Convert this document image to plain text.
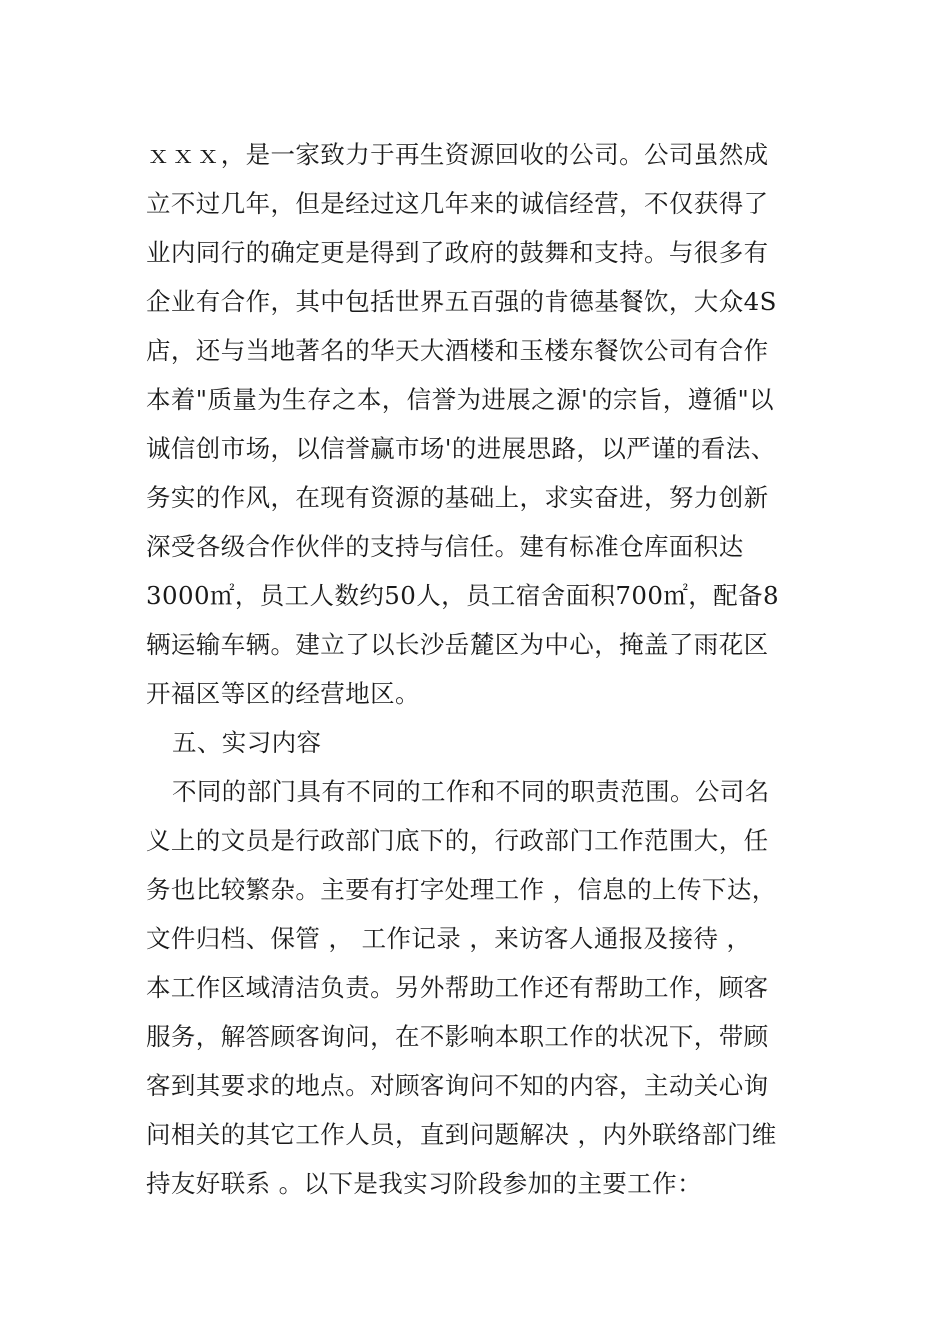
ｘｘｘ，是一家致力于再生资源回收的公司。公司虽然成
立不过几年，但是经过这几年来的诚信经营，不仅获得了
业内同行的确定更是得到了政府的鼓舞和支持。与很多有
企业有合作，其中包括世界五百强的肯德基餐饮，大众4S
店，还与当地著名的华天大酒楼和玉楼东餐饮公司有合作
本着"质量为生存之本，信誉为进展之源'的宗旨，遵循"以
诚信创市场，以信誉赢市场'的进展思路，以严谨的看法、
务实的作风，在现有资源的基础上，求实奋进，努力创新
深受各级合作伙伴的支持与信任。建有标准仓库面积达
3000㎡，员工人数约50人，员工宿舍面积700㎡，配备8
辆运输车辆。建立了以长沙岳麓区为中心，掩盖了雨花区
开福区等区的经营地区。
五、实习内容
不同的部门具有不同的工作和不同的职责范围。公司名
义上的文员是行政部门底下的，行政部门工作范围大，任
务也比较繁杂。主要有打字处理工作 ，信息的上传下达，
文件归档、保管 ， 工作记录 ，来访客人通报及接待 ，
本工作区域清洁负责。另外帮助工作还有帮助工作，顾客
服务，解答顾客询问，在不影响本职工作的状况下，带顾
客到其要求的地点。对顾客询问不知的内容，主动关心询
问相关的其它工作人员，直到问题解决 ，内外联络部门维
持友好联系 。以下是我实习阶段参加的主要工作：
